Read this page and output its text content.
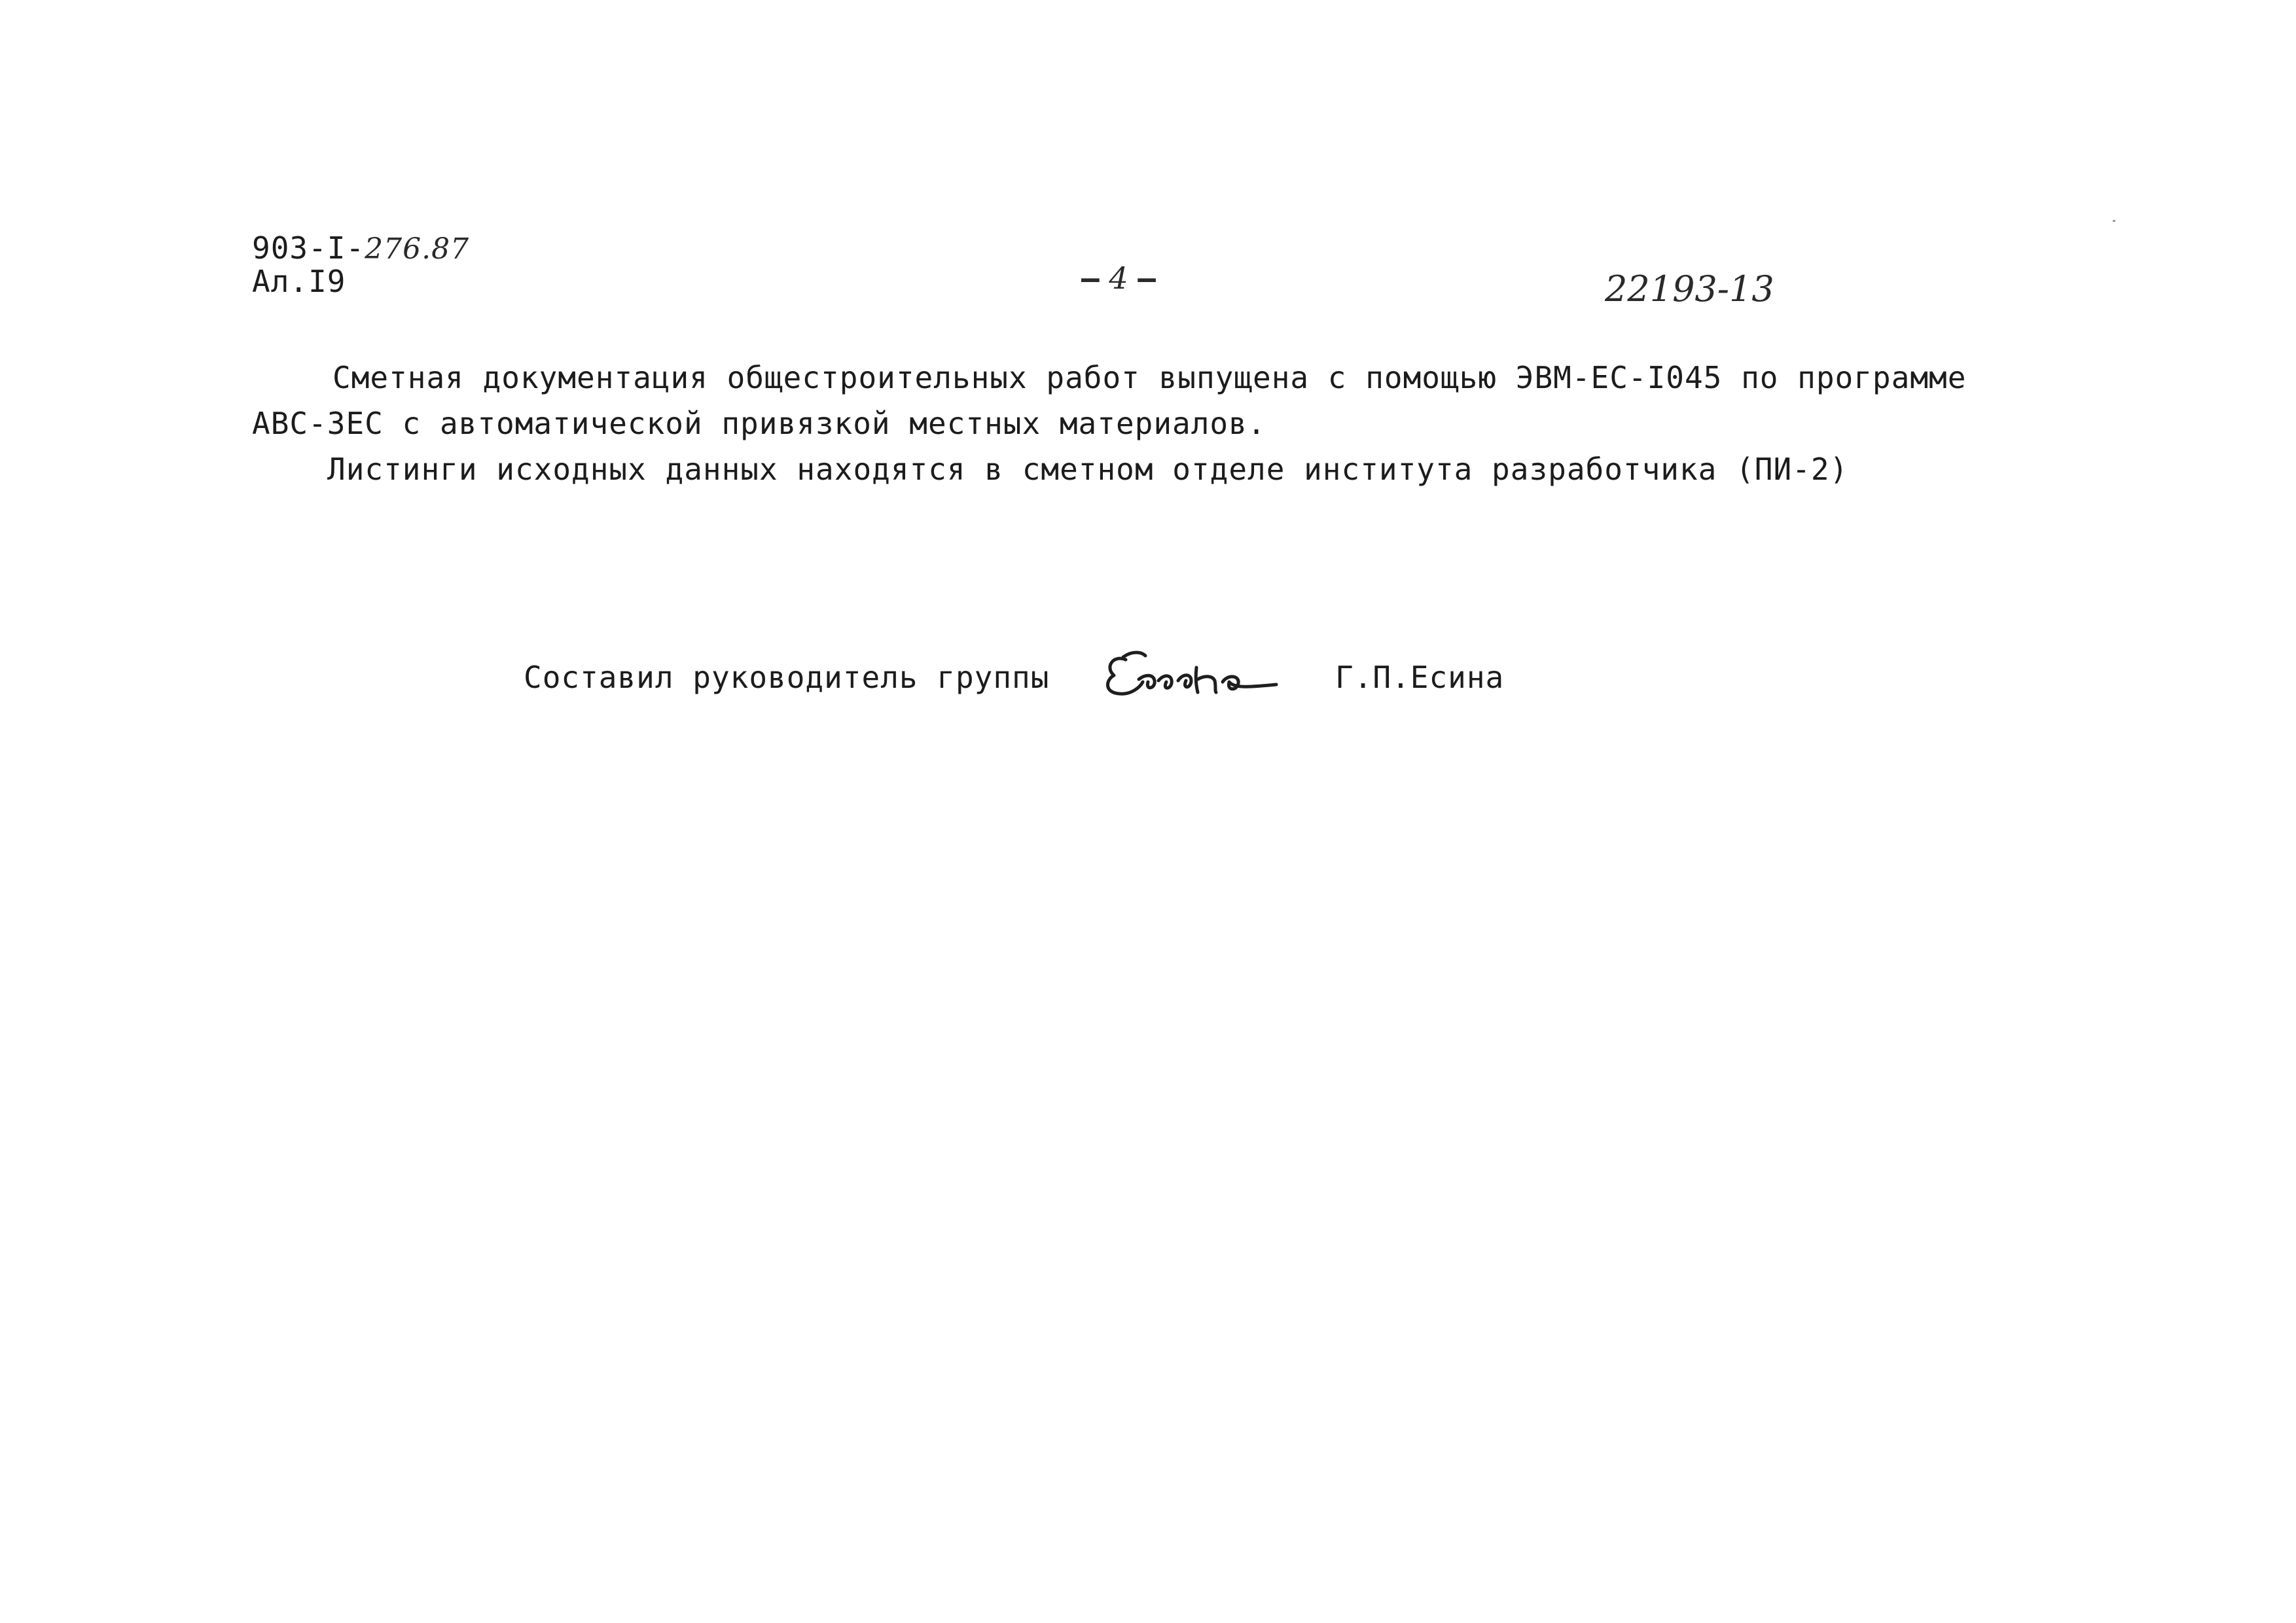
903-I-276.87
Ал.I9	– 4 –	22193-13
Сметная документация общестроительных работ выпущена с помощью ЭВМ-ЕС-I045 по программе
АВС-ЗЕС с автоматической привязкой местных материалов.
Листинги исходных данных находятся в сметном отделе института разработчика (ПИ-2)
Составил руководитель группы	Г.П.Есина
